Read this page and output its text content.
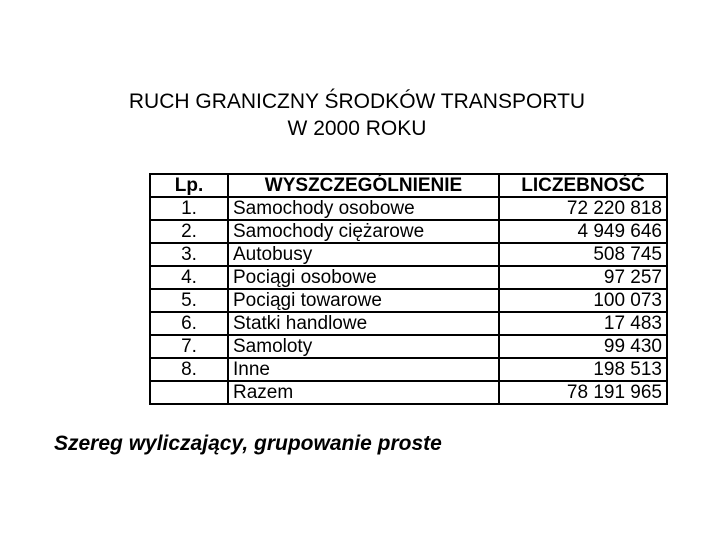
RUCH GRANICZNY ŚRODKÓW TRANSPORTU
W 2000 ROKU
Lp.	WYSZCZEGÓLNIENIE	LICZEBNOŚĆ
1.	Samochody osobowe	72 220 818
2.	Samochody ciężarowe	4 949 646
3.	Autobusy	508 745
4.	Pociągi osobowe	97 257
5.	Pociągi towarowe	100 073
6.	Statki handlowe	17 483
7.	Samoloty	99 430
8.	Inne	198 513
	Razem	78 191 965
Szereg wyliczający, grupowanie proste
